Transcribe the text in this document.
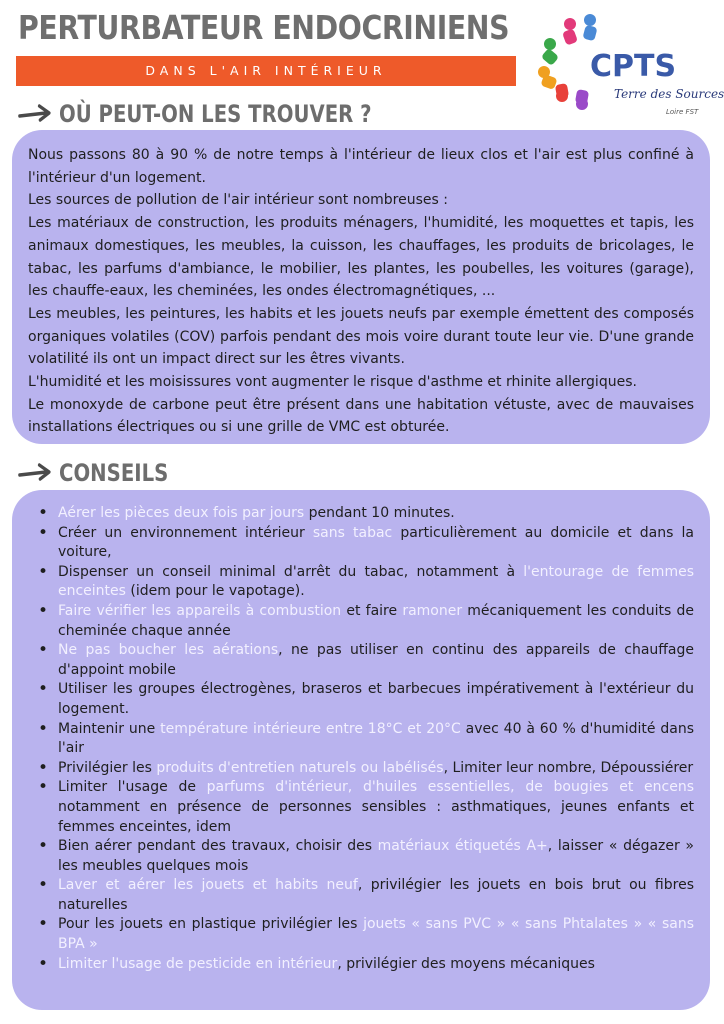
PERTURBATEUR ENDOCRINIENS
DANS L'AIR INTÉRIEUR	CPTS
Terre des Sources
Loire FST
OÙ PEUT-ON LES TROUVER ?

Nous passons 80 à 90 % de notre temps à l'intérieur de lieux clos et l'air est plus confiné à l'intérieur d'un logement.

Les sources de pollution de l'air intérieur sont nombreuses :

Les matériaux de construction, les produits ménagers, l'humidité, les moquettes et tapis, les animaux domestiques, les meubles, la cuisson, les chauffages, les produits de bricolages, le tabac, les parfums d'ambiance, le mobilier, les plantes, les poubelles, les voitures (garage), les chauffe-eaux, les cheminées, les ondes électromagnétiques, ...

Les meubles, les peintures, les habits et les jouets neufs par exemple émettent des composés organiques volatiles (COV) parfois pendant des mois voire durant toute leur vie. D'une grande volatilité ils ont un impact direct sur les êtres vivants.

L'humidité et les moisissures vont augmenter le risque d'asthme et rhinite allergiques.

Le monoxyde de carbone peut être présent dans une habitation vétuste, avec de mauvaises installations électriques ou si une grille de VMC est obturée.

CONSEILS
• Aérer les pièces deux fois par jours pendant 10 minutes.
• Créer un environnement intérieur sans tabac particulièrement au domicile et dans la voiture,
• Dispenser un conseil minimal d'arrêt du tabac, notamment à l'entourage de femmes enceintes (idem pour le vapotage).
• Faire vérifier les appareils à combustion et faire ramoner mécaniquement les conduits de cheminée chaque année
• Ne pas boucher les aérations, ne pas utiliser en continu des appareils de chauffage d'appoint mobile
• Utiliser les groupes électrogènes, braseros et barbecues impérativement à l'extérieur du logement.
• Maintenir une température intérieure entre 18°C et 20°C avec 40 à 60 % d'humidité dans l'air
• Privilégier les produits d'entretien naturels ou labélisés, Limiter leur nombre, Dépoussiérer
• Limiter l'usage de parfums d'intérieur, d'huiles essentielles, de bougies et encens notamment en présence de personnes sensibles : asthmatiques, jeunes enfants et femmes enceintes, idem
• Bien aérer pendant des travaux, choisir des matériaux étiquetés A+, laisser « dégazer » les meubles quelques mois
• Laver et aérer les jouets et habits neuf, privilégier les jouets en bois brut ou fibres naturelles
• Pour les jouets en plastique privilégier les jouets « sans PVC » « sans Phtalates » « sans BPA »
• Limiter l'usage de pesticide en intérieur, privilégier des moyens mécaniques
